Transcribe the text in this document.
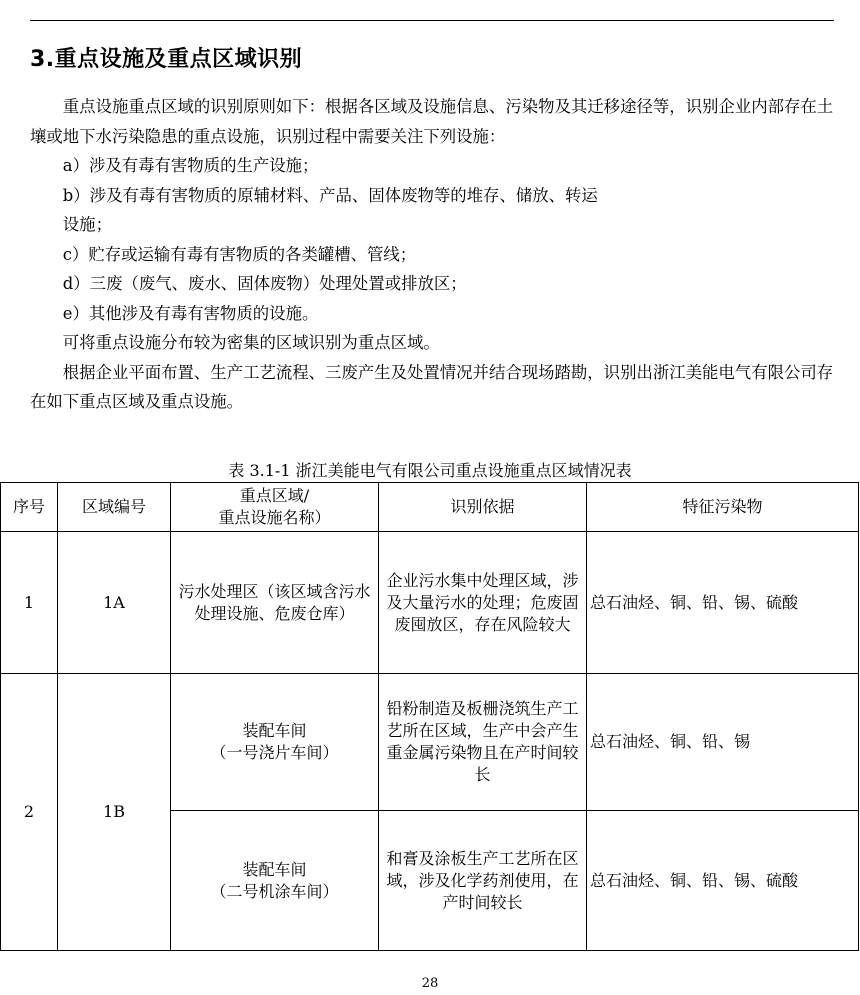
3.重点设施及重点区域识别

重点设施重点区域的识别原则如下：根据各区域及设施信息、污染物及其迁移途径等，识别企业内部存在土壤或地下水污染隐患的重点设施，识别过程中需要关注下列设施：

a）涉及有毒有害物质的生产设施；

b）涉及有毒有害物质的原辅材料、产品、固体废物等的堆存、储放、转运

设施；

c）贮存或运输有毒有害物质的各类罐槽、管线；

d）三废（废气、废水、固体废物）处理处置或排放区；

e）其他涉及有毒有害物质的设施。

可将重点设施分布较为密集的区域识别为重点区域。

根据企业平面布置、生产工艺流程、三废产生及处置情况并结合现场踏勘，识别出浙江美能电气有限公司存在如下重点区域及重点设施。

表 3.1-1 浙江美能电气有限公司重点设施重点区域情况表
序号	区域编号	重点区域/
重点设施名称）	识别依据	特征污染物
1	1A	污水处理区（该区域含污水处理设施、危废仓库）	企业污水集中处理区域，涉及大量污水的处理；危废固废囤放区，存在风险较大	总石油烃、铜、铅、锡、硫酸
2	1B	装配车间
（一号浇片车间）	铅粉制造及板栅浇筑生产工艺所在区域，生产中会产生重金属污染物且在产时间较长	总石油烃、铜、铅、锡
		装配车间
（二号机涂车间）	和膏及涂板生产工艺所在区域，涉及化学药剂使用，在产时间较长	总石油烃、铜、铅、锡、硫酸
28
